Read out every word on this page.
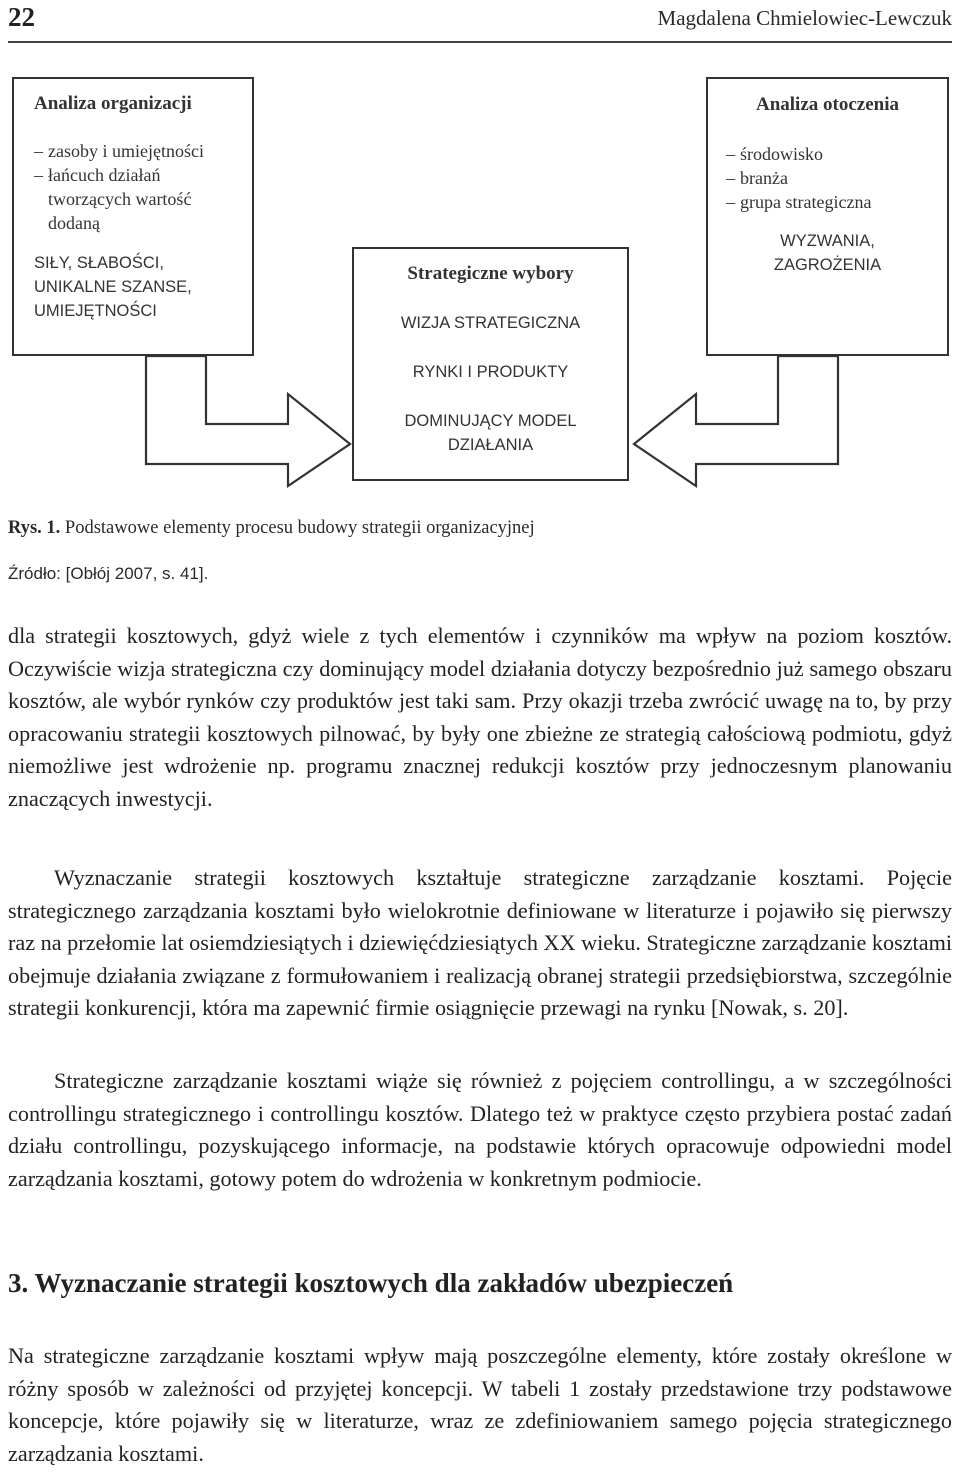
22	Magdalena Chmielowiec-Lewczuk
Analiza organizacji
– zasoby i umiejętności
– łańcuch działań
tworzących wartość
dodaną
SIŁY, SŁABOŚCI,
UNIKALNE SZANSE,
UMIEJĘTNOŚCI
Analiza otoczenia
– środowisko
– branża
– grupa strategiczna
WYZWANIA,
ZAGROŻENIA
Strategiczne wybory
WIZJA STRATEGICZNA
RYNKI I PRODUKTY
DOMINUJĄCY MODEL
DZIAŁANIA
Rys. 1. Podstawowe elementy procesu budowy strategii organizacyjnej
Źródło: [Obłój 2007, s. 41].

dla strategii kosztowych, gdyż wiele z tych elementów i czynników ma wpływ na poziom kosztów. Oczywiście wizja strategiczna czy dominujący model działania dotyczy bezpośrednio już samego obszaru kosztów, ale wybór rynków czy produktów jest taki sam. Przy okazji trzeba zwrócić uwagę na to, by przy opracowaniu strategii kosztowych pilnować, by były one zbieżne ze strategią całościową podmiotu, gdyż niemożliwe jest wdrożenie np. programu znacznej redukcji kosztów przy jednoczesnym planowaniu znaczących inwestycji.

Wyznaczanie strategii kosztowych kształtuje strategiczne zarządzanie kosztami. Pojęcie strategicznego zarządzania kosztami było wielokrotnie definiowane w literaturze i pojawiło się pierwszy raz na przełomie lat osiemdziesiątych i dziewięćdziesiątych XX wieku. Strategiczne zarządzanie kosztami obejmuje działania związane z formułowaniem i realizacją obranej strategii przedsiębiorstwa, szczególnie strategii konkurencji, która ma zapewnić firmie osiągnięcie przewagi na rynku [Nowak, s. 20].

Strategiczne zarządzanie kosztami wiąże się również z pojęciem controllingu, a w szczególności controllingu strategicznego i controllingu kosztów. Dlatego też w praktyce często przybiera postać zadań działu controllingu, pozyskującego informacje, na podstawie których opracowuje odpowiedni model zarządzania kosztami, gotowy potem do wdrożenia w konkretnym podmiocie.

3. Wyznaczanie strategii kosztowych dla zakładów ubezpieczeń

Na strategiczne zarządzanie kosztami wpływ mają poszczególne elementy, które zostały określone w różny sposób w zależności od przyjętej koncepcji. W tabeli 1 zostały przedstawione trzy podstawowe koncepcje, które pojawiły się w literaturze, wraz ze zdefiniowaniem samego pojęcia strategicznego zarządzania kosztami.
